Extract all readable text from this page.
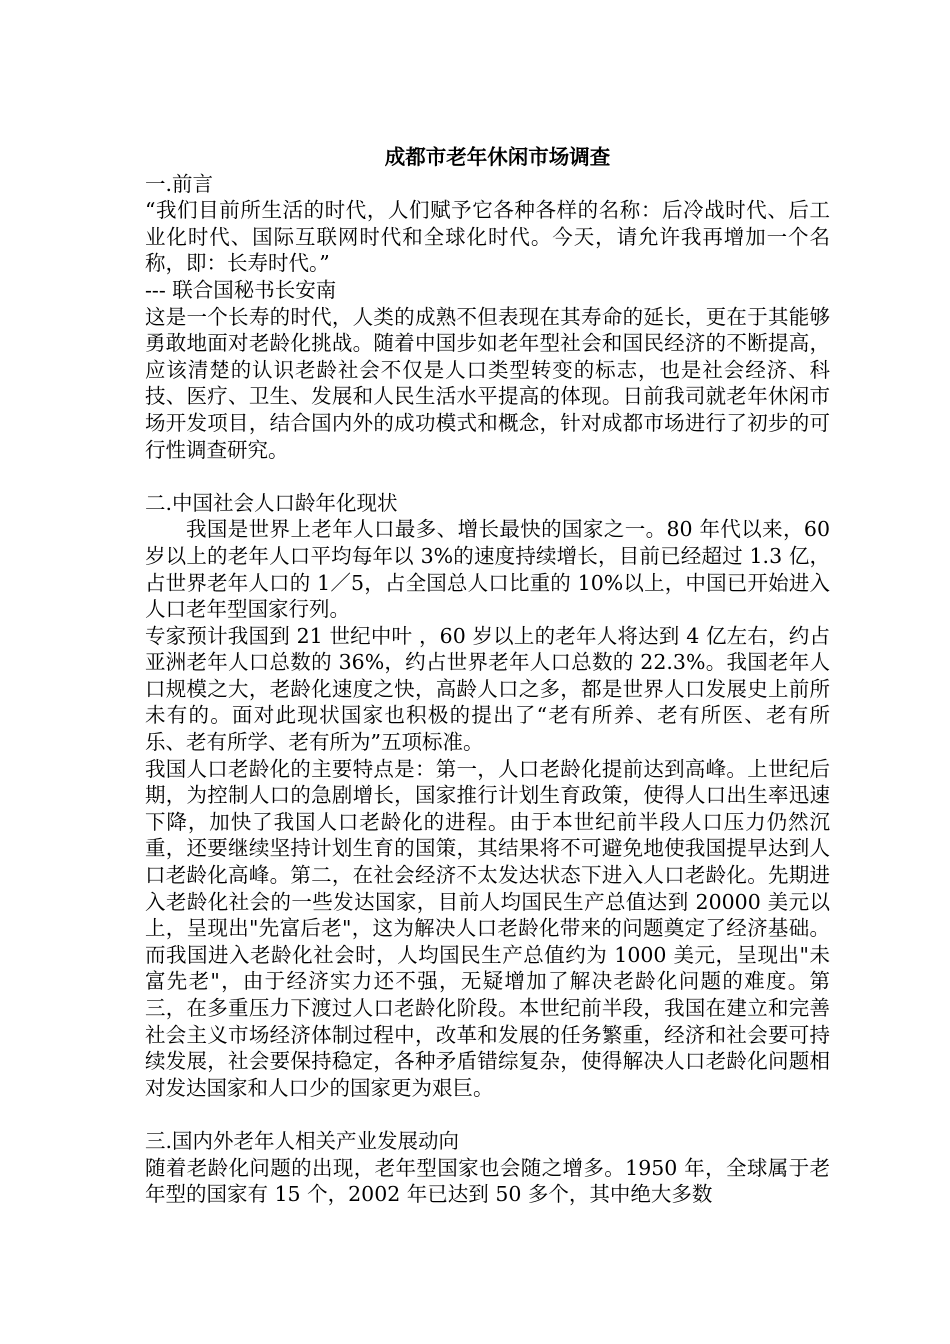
成都市老年休闲市场调查

一.前言

“我们目前所生活的时代，人们赋予它各种各样的名称：后冷战时代、后工业化时代、国际互联网时代和全球化时代。今天，请允许我再增加一个名称，即：长寿时代。”

--- 联合国秘书长安南

这是一个长寿的时代，人类的成熟不但表现在其寿命的延长，更在于其能够勇敢地面对老龄化挑战。随着中国步如老年型社会和国民经济的不断提高，应该清楚的认识老龄社会不仅是人口类型转变的标志，也是社会经济、科技、医疗、卫生、发展和人民生活水平提高的体现。日前我司就老年休闲市场开发项目，结合国内外的成功模式和概念，针对成都市场进行了初步的可行性调查研究。

二.中国社会人口龄年化现状

我国是世界上老年人口最多、增长最快的国家之一。80 年代以来，60 岁以上的老年人口平均每年以 3%的速度持续增长，目前已经超过 1.3 亿，占世界老年人口的 1／5，占全国总人口比重的 10%以上，中国已开始进入人口老年型国家行列。

专家预计我国到 21 世纪中叶 ，60 岁以上的老年人将达到 4 亿左右，约占亚洲老年人口总数的 36%，约占世界老年人口总数的 22.3%。我国老年人口规模之大，老龄化速度之快，高龄人口之多，都是世界人口发展史上前所未有的。面对此现状国家也积极的提出了“老有所养、老有所医、老有所乐、老有所学、老有所为”五项标准。

我国人口老龄化的主要特点是：第一，人口老龄化提前达到高峰。上世纪后期，为控制人口的急剧增长，国家推行计划生育政策，使得人口出生率迅速下降，加快了我国人口老龄化的进程。由于本世纪前半段人口压力仍然沉重，还要继续坚持计划生育的国策，其结果将不可避免地使我国提早达到人口老龄化高峰。第二，在社会经济不太发达状态下进入人口老龄化。先期进入老龄化社会的一些发达国家，目前人均国民生产总值达到 20000 美元以上，呈现出"先富后老"，这为解决人口老龄化带来的问题奠定了经济基础。而我国进入老龄化社会时，人均国民生产总值约为 1000 美元，呈现出"未富先老"，由于经济实力还不强，无疑增加了解决老龄化问题的难度。第三，在多重压力下渡过人口老龄化阶段。本世纪前半段，我国在建立和完善社会主义市场经济体制过程中，改革和发展的任务繁重，经济和社会要可持续发展，社会要保持稳定，各种矛盾错综复杂，使得解决人口老龄化问题相对发达国家和人口少的国家更为艰巨。

三.国内外老年人相关产业发展动向

随着老龄化问题的出现，老年型国家也会随之增多。1950 年，全球属于老年型的国家有 15 个，2002 年已达到 50 多个，其中绝大多数
